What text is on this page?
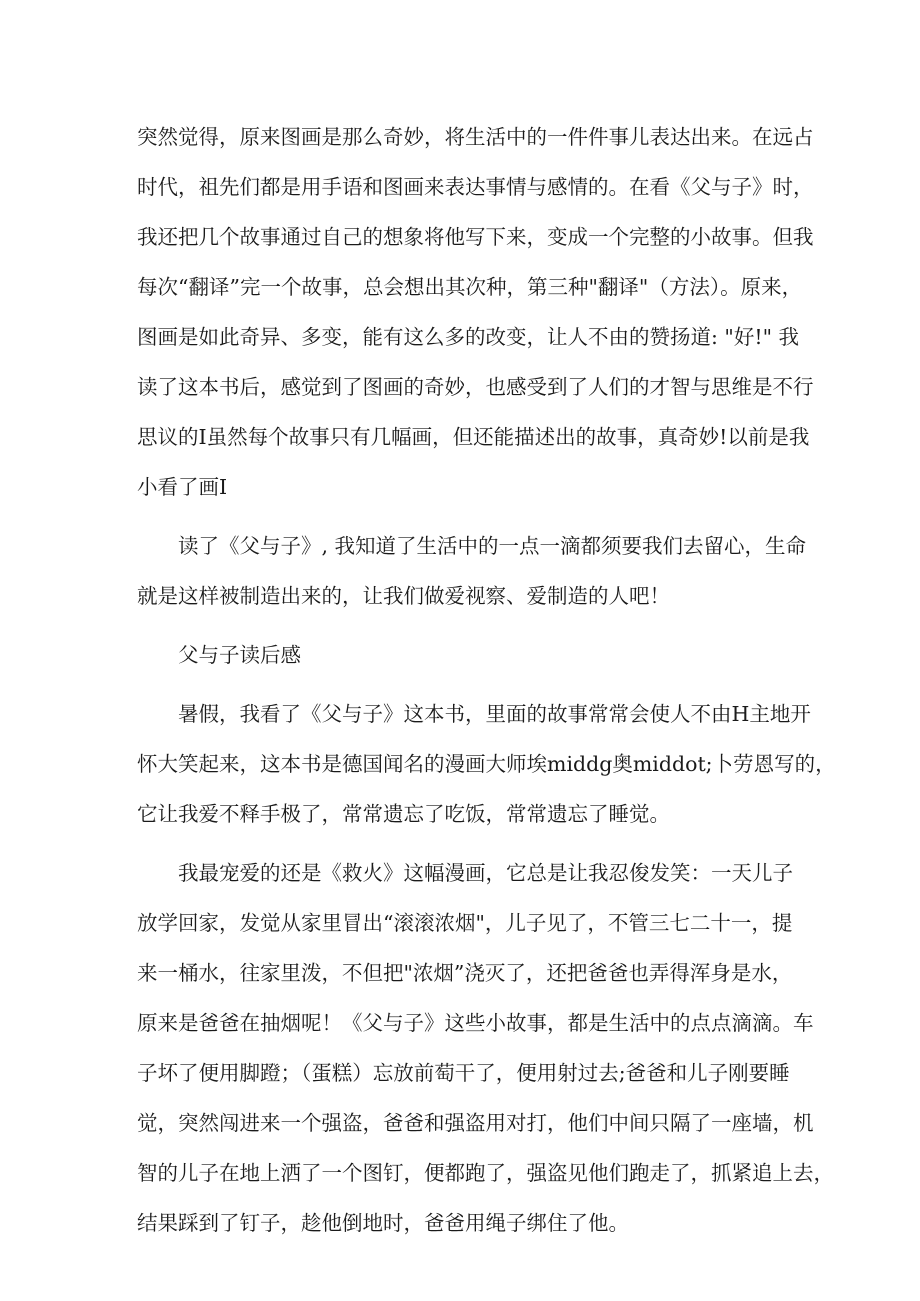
突然觉得，原来图画是那么奇妙，将生活中的一件件事儿表达出来。在远占
时代，祖先们都是用手语和图画来表达事情与感情的。在看《父与子》时，
我还把几个故事通过自己的想象将他写下来，变成一个完整的小故事。但我
每次“翻译”完一个故事，总会想出其次种，第三种"翻译"（方法）。原来，
图画是如此奇异、多变，能有这么多的改变，让人不由的赞扬道: "好!" 我
读了这本书后，感觉到了图画的奇妙，也感受到了人们的才智与思维是不行
思议的I虽然每个故事只有几幅画，但还能描述出的故事，真奇妙!以前是我
小看了画I
读了《父与子》, 我知道了生活中的一点一滴都须要我们去留心，生命
就是这样被制造出来的，让我们做爱视察、爱制造的人吧！
父与子读后感
暑假，我看了《父与子》这本书，里面的故事常常会使人不由H主地开
怀大笑起来，这本书是德国闻名的漫画大师埃middg奥middot;卜劳恩写的，
它让我爱不释手极了，常常遗忘了吃饭，常常遗忘了睡觉。
我最宠爱的还是《救火》这幅漫画，它总是让我忍俊发笑：一天儿子
放学回家，发觉从家里冒出“滚滚浓烟"，儿子见了，不管三七二十一，提
来一桶水，往家里泼，不但把"浓烟”浇灭了，还把爸爸也弄得浑身是水，
原来是爸爸在抽烟呢！《父与子》这些小故事，都是生活中的点点滴滴。车
子坏了便用脚蹬；（蛋糕）忘放前萄干了，便用射过去;爸爸和儿子刚要睡
觉，突然闯进来一个强盗，爸爸和强盗用对打，他们中间只隔了一座墙，机
智的儿子在地上洒了一个图钉，便都跑了，强盗见他们跑走了，抓紧追上去，
结果踩到了钉子，趁他倒地时，爸爸用绳子绑住了他。
